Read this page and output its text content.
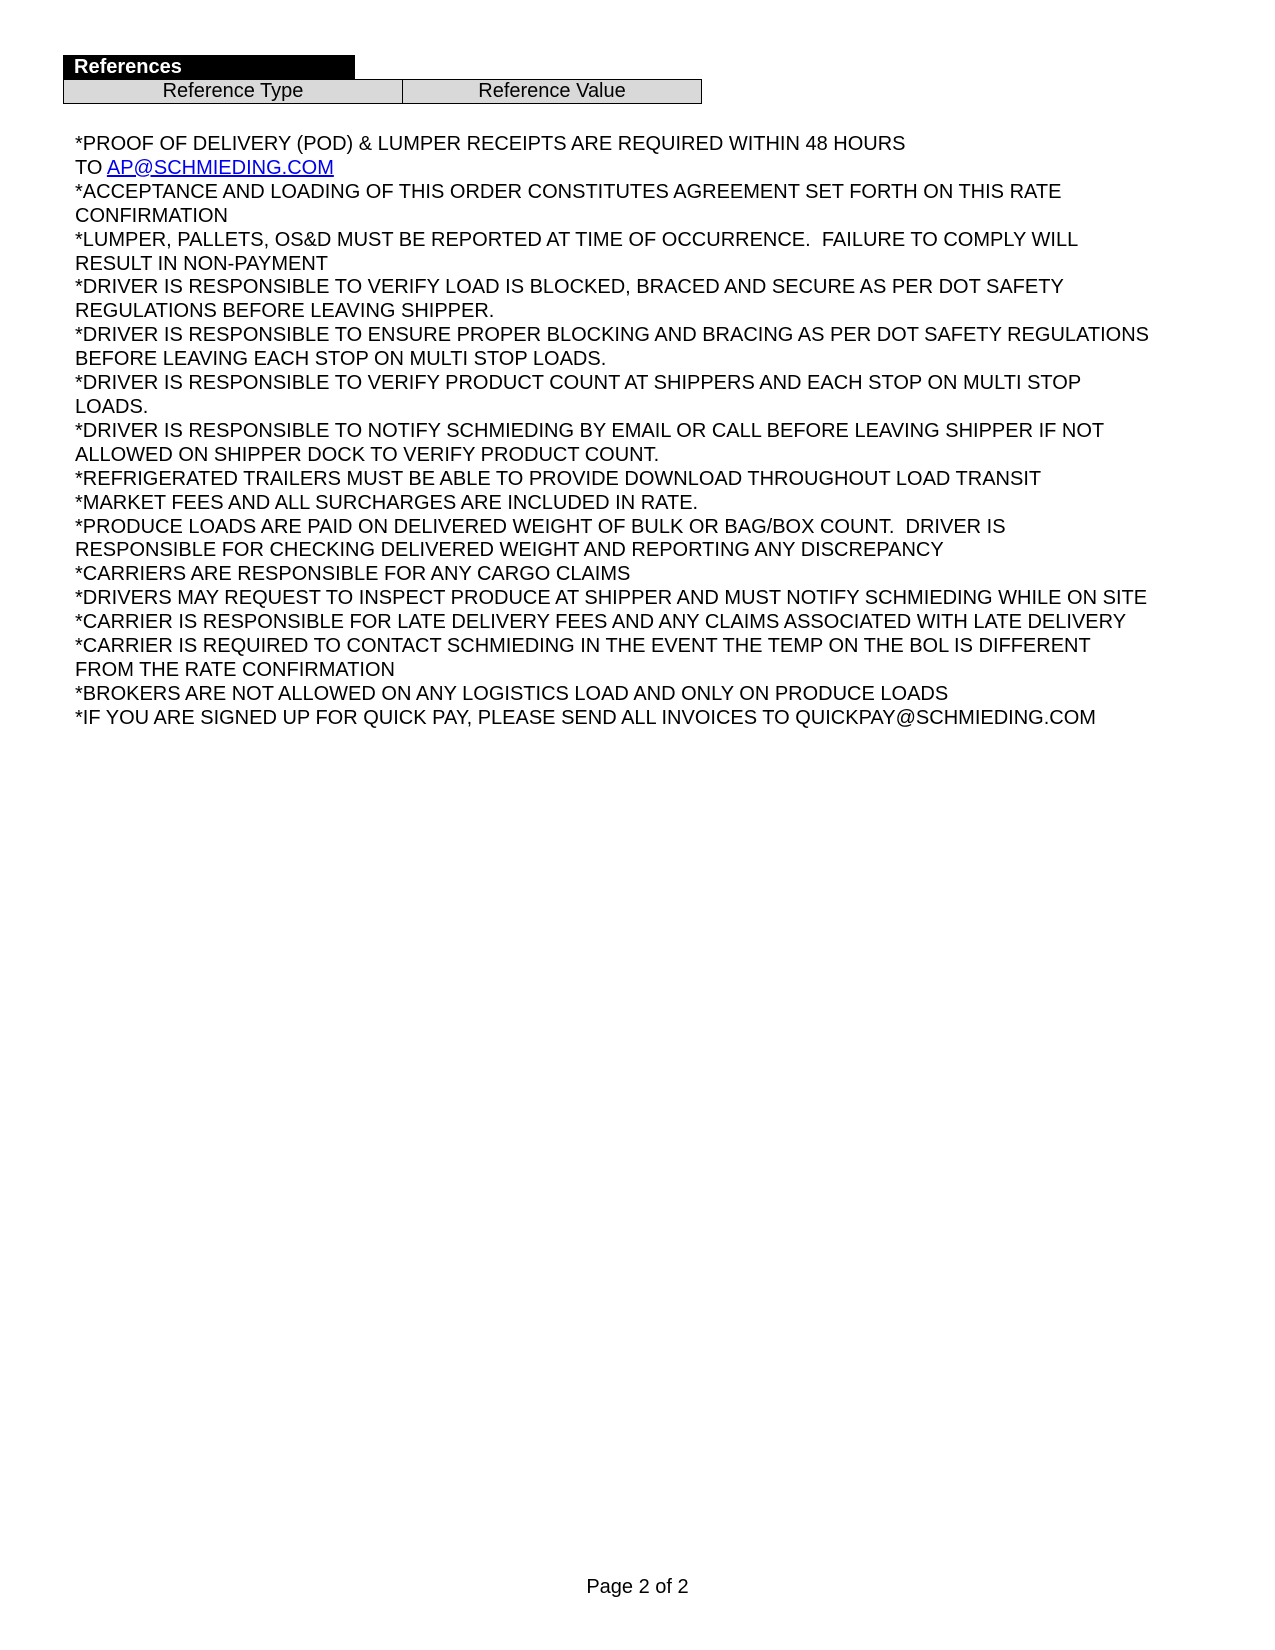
References
Reference Type	Reference Value
*PROOF OF DELIVERY (POD) & LUMPER RECEIPTS ARE REQUIRED WITHIN 48 HOURS
TO AP@SCHMIEDING.COM
*ACCEPTANCE AND LOADING OF THIS ORDER CONSTITUTES AGREEMENT SET FORTH ON THIS RATE
CONFIRMATION
*LUMPER, PALLETS, OS&D MUST BE REPORTED AT TIME OF OCCURRENCE.  FAILURE TO COMPLY WILL
RESULT IN NON-PAYMENT
*DRIVER IS RESPONSIBLE TO VERIFY LOAD IS BLOCKED, BRACED AND SECURE AS PER DOT SAFETY
REGULATIONS BEFORE LEAVING SHIPPER.
*DRIVER IS RESPONSIBLE TO ENSURE PROPER BLOCKING AND BRACING AS PER DOT SAFETY REGULATIONS
BEFORE LEAVING EACH STOP ON MULTI STOP LOADS.
*DRIVER IS RESPONSIBLE TO VERIFY PRODUCT COUNT AT SHIPPERS AND EACH STOP ON MULTI STOP
LOADS.
*DRIVER IS RESPONSIBLE TO NOTIFY SCHMIEDING BY EMAIL OR CALL BEFORE LEAVING SHIPPER IF NOT
ALLOWED ON SHIPPER DOCK TO VERIFY PRODUCT COUNT.
*REFRIGERATED TRAILERS MUST BE ABLE TO PROVIDE DOWNLOAD THROUGHOUT LOAD TRANSIT
*MARKET FEES AND ALL SURCHARGES ARE INCLUDED IN RATE.
*PRODUCE LOADS ARE PAID ON DELIVERED WEIGHT OF BULK OR BAG/BOX COUNT.  DRIVER IS
RESPONSIBLE FOR CHECKING DELIVERED WEIGHT AND REPORTING ANY DISCREPANCY
*CARRIERS ARE RESPONSIBLE FOR ANY CARGO CLAIMS
*DRIVERS MAY REQUEST TO INSPECT PRODUCE AT SHIPPER AND MUST NOTIFY SCHMIEDING WHILE ON SITE
*CARRIER IS RESPONSIBLE FOR LATE DELIVERY FEES AND ANY CLAIMS ASSOCIATED WITH LATE DELIVERY
*CARRIER IS REQUIRED TO CONTACT SCHMIEDING IN THE EVENT THE TEMP ON THE BOL IS DIFFERENT
FROM THE RATE CONFIRMATION
*BROKERS ARE NOT ALLOWED ON ANY LOGISTICS LOAD AND ONLY ON PRODUCE LOADS
*IF YOU ARE SIGNED UP FOR QUICK PAY, PLEASE SEND ALL INVOICES TO QUICKPAY@SCHMIEDING.COM
Page 2 of 2
